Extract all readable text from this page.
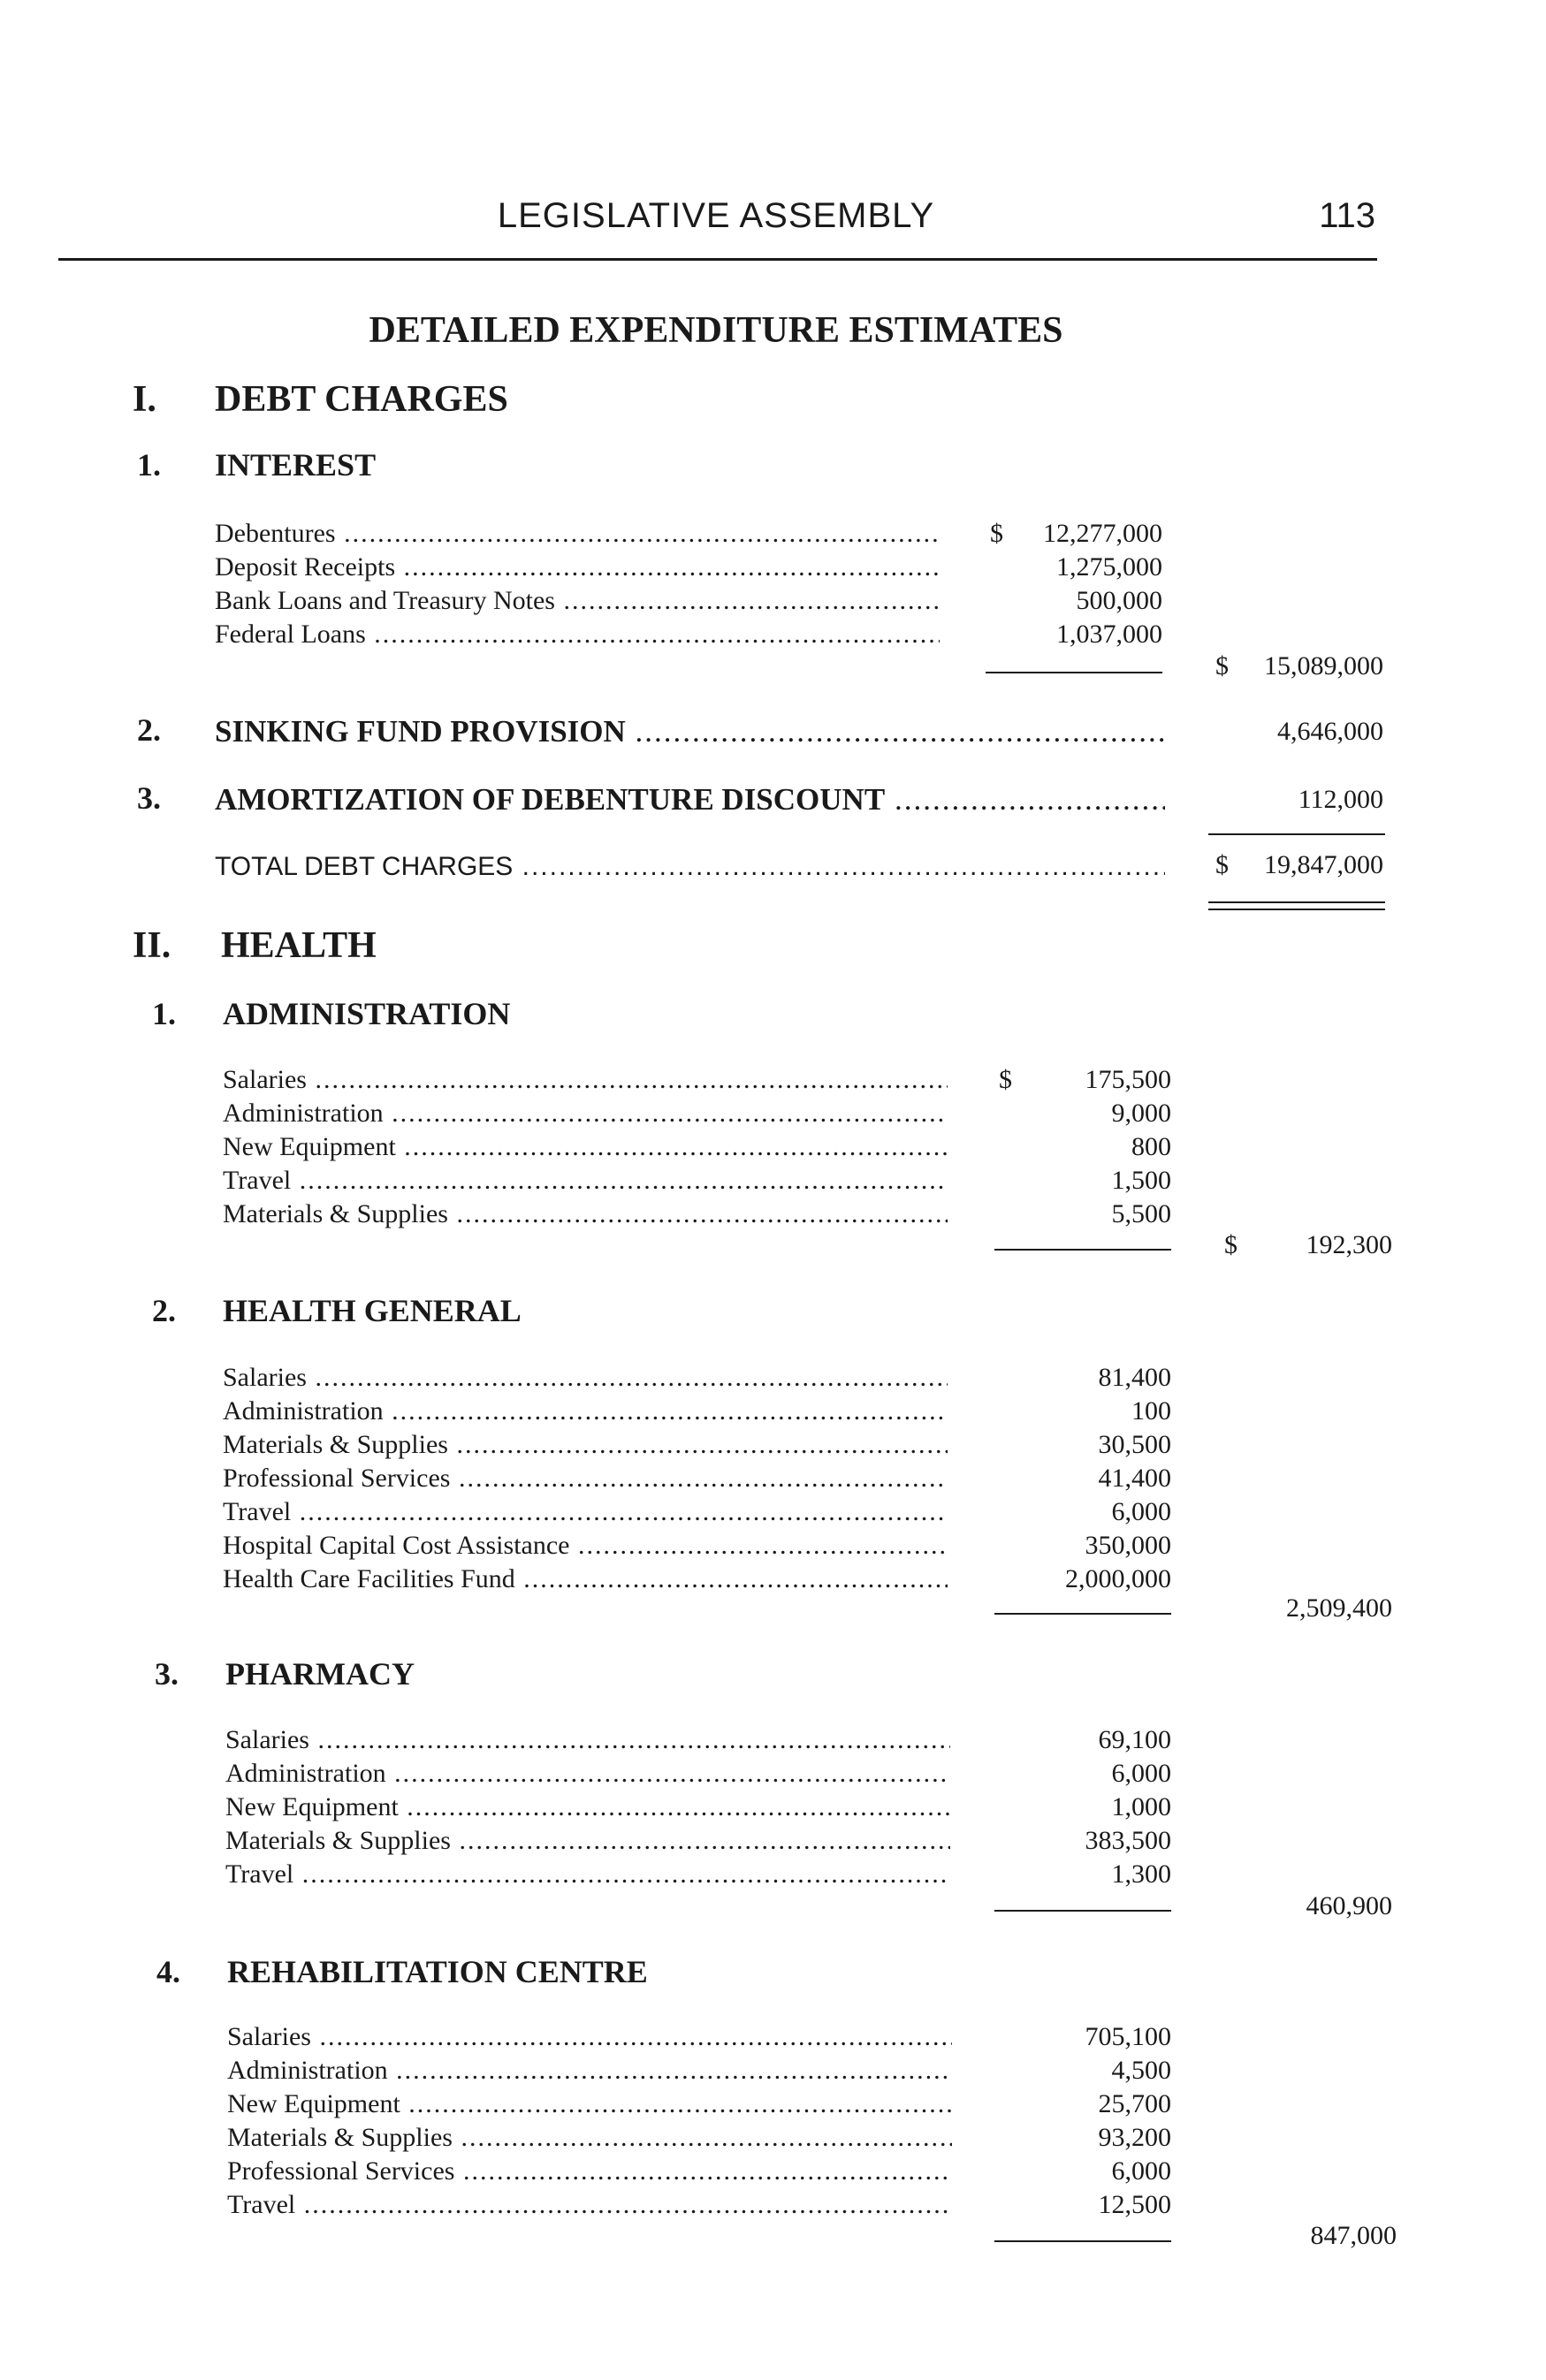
LEGISLATIVE ASSEMBLY	113
DETAILED EXPENDITURE ESTIMATES
I. DEBT CHARGES
1. INTEREST
Debentures .....	$ 12,277,000
Deposit Receipts .....	1,275,000
Bank Loans and Treasury Notes .....	500,000
Federal Loans .....	1,037,000
$ 15,089,000
2. SINKING FUND PROVISION .....	4,646,000
3. AMORTIZATION OF DEBENTURE DISCOUNT .....	112,000
TOTAL DEBT CHARGES .....	$ 19,847,000
II. HEALTH
1. ADMINISTRATION
Salaries .....	$	175,500
Administration .....	9,000
New Equipment .....	800
Travel .....	1,500
Materials & Supplies .....	5,500
$	192,300
2. HEALTH GENERAL
Salaries .....	81,400
Administration .....	100
Materials & Supplies .....	30,500
Professional Services .....	41,400
Travel .....	6,000
Hospital Capital Cost Assistance .....	350,000
Health Care Facilities Fund .....	2,000,000
2,509,400
3. PHARMACY
Salaries .....	69,100
Administration .....	6,000
New Equipment .....	1,000
Materials & Supplies .....	383,500
Travel .....	1,300
460,900
4. REHABILITATION CENTRE
Salaries .....	705,100
Administration .....	4,500
New Equipment .....	25,700
Materials & Supplies .....	93,200
Professional Services .....	6,000
Travel .....	12,500
847,000
